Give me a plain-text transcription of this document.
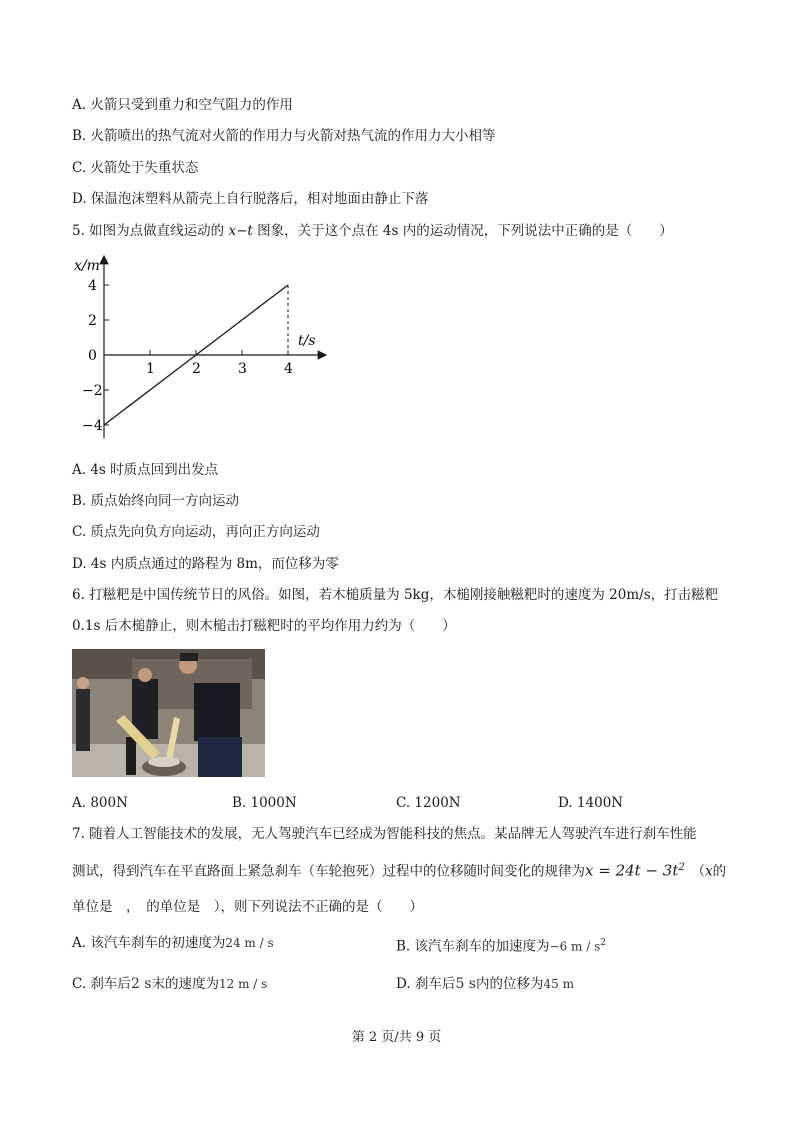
A. 火箭只受到重力和空气阻力的作用
B. 火箭喷出的热气流对火箭的作用力与火箭对热气流的作用力大小相等
C. 火箭处于失重状态
D. 保温泡沫塑料从箭壳上自行脱落后，相对地面由静止下落
5. 如图为点做直线运动的 x−t 图象，关于这个点在 4s 内的运动情况，下列说法中正确的是（　　）
x/m
t/s
1	2	3	4
4
2
0
−2
−4
A. 4s 时质点回到出发点
B. 质点始终向同一方向运动
C. 质点先向负方向运动，再向正方向运动
D. 4s 内质点通过的路程为 8m，而位移为零
6. 打糍粑是中国传统节日的风俗。如图，若木槌质量为 5kg，木槌刚接触糍粑时的速度为 20m/s，打击糍粑
0.1s 后木槌静止，则木槌击打糍粑时的平均作用力约为（　　）
A. 800N	B. 1000N	C. 1200N	D. 1400N
7. 随着人工智能技术的发展，无人驾驶汽车已经成为智能科技的焦点。某品牌无人驾驶汽车进行刹车性能
测试，得到汽车在平直路面上紧急刹车（车轮抱死）过程中的位移随时间变化的规律为$x = 24t - 3t^2$　 （x的
单位是　，　的单位是　），则下列说法不正确的是（　　）
A. 该汽车刹车的初速度为24 m / s	B. 该汽车刹车的加速度为−6 m / $s^2$
C. 刹车后2 s末的速度为12 m / s	D. 刹车后5 s内的位移为45 m
第 2 页/共 9 页
